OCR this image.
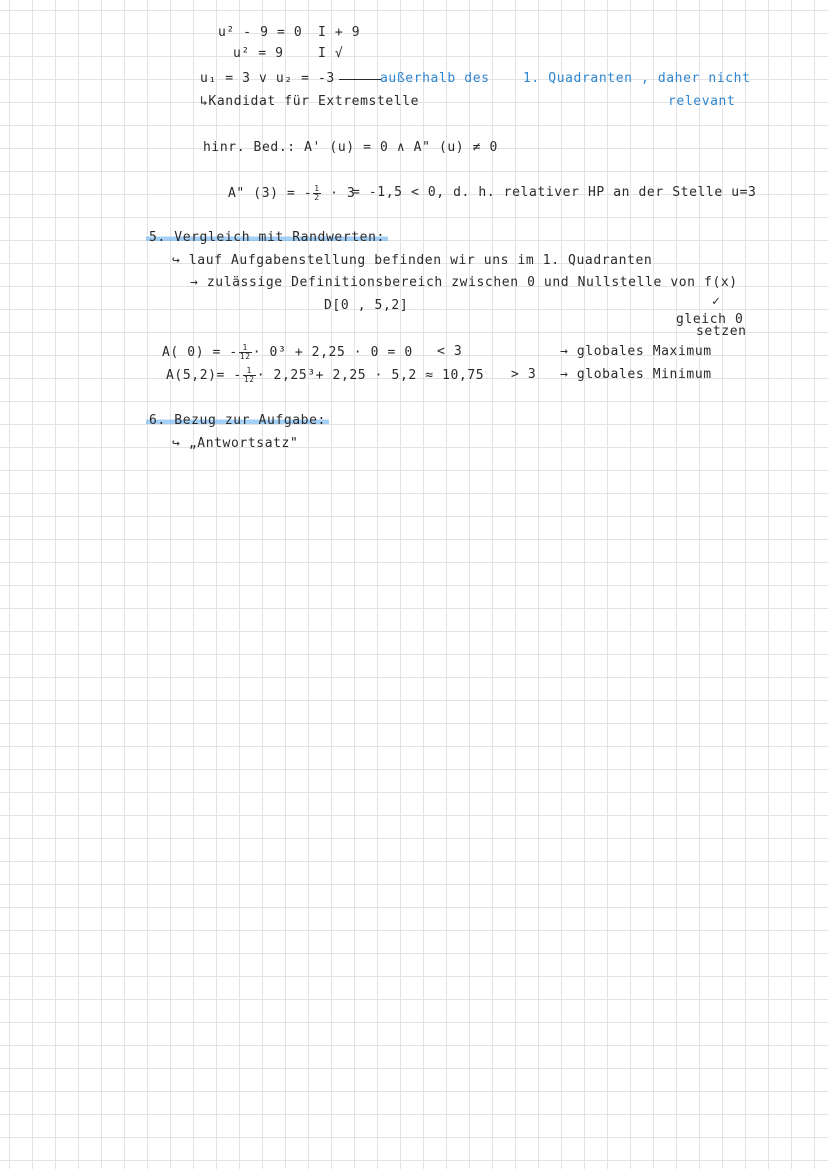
u² - 9 = 0 I + 9
u² = 9	I √
u₁ = 3 v u₂ = -3	außerhalb des	1. Quadranten , daher nicht
relevant
↳Kandidat für Extremstelle
hinr. Bed.: A' (u) = 0 ∧ A" (u) ≠ 0
A" (3) = - $\frac{1}{2} \cdot 3$
= -1,5 < 0, d. h. relativer HP an der Stelle u=3
5. Vergleich mit Randwerten:
↪ lauf Aufgabenstellung befinden wir uns im 1. Quadranten
→ zulässige Definitionsbereich zwischen 0 und Nullstelle von f(x)
D[0 , 5,2]	✓
gleich 0
setzen
A( 0) = - $\frac{1}{12} \cdot 0^3 + 2,25 \cdot 0 = 0 < 3$	→ globales Maximum
$A(5,2)= - \frac{1}{12} \cdot 2,25^3+ 2,25 \cdot 5,2 \approx 10,75 > 3$ → globales Minimum
6. Bezug zur Aufgabe:
↪ „Antwortsatz"
